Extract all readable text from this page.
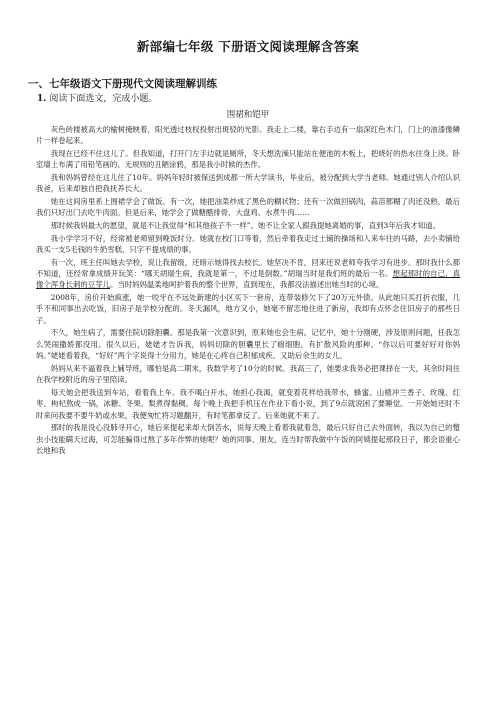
新部编七年级 下册语文阅读理解含答案
一、七年级语文下册现代文阅读理解训练
1. 阅读下面选文，完成小题。
围裙和铠甲

灰色砖楼被高大的榆树掩映着，阳光透过枝杈投射出斑驳的光影。我走上二楼，靠右手边有一扇深红色木门，门上的油漆像鳞片一样卷起来。

我现在已经不住这儿了。但我知道，打开门左手边就是厕所，冬天想洗澡只能站在便池的木板上，把烧好的热水往身上浇。卧室墙上布满了用铅笔画的、无规则的丑陋涂鸦，那是我小时候的杰作。

我和妈妈曾经在这儿住了10年。妈妈年轻时被保送到成都一所大学读书，毕业后，被分配到大学当老师。她通过别人介绍认识我爸，后来却独自把我抚养长大。

她在这间房里系上围裙学会了做饭。有一次，她把油菜炒成了黑色的糊状物；还有一次做回锅肉，蒜苗都糊了肉还没熟，最后我们只好出门去吃牛肉面。但是后来，她学会了做糖醋排骨、大盘鸡、水煮牛肉……

那时候我妈最大的愿望，就是不让我觉得“和其他孩子不一样”。她不让全家人跟我提她离婚的事，直到3年后我才知道。

我小学学习不好，经常被老师留到晚饭时分。她就在校门口等着，然后牵着我走过土铺的操场和人来车往的马路，去小卖铺给我买一支5毛钱的牛奶雪糕，只字不提成绩的事。

有一次，班主任叫她去学校，说让我留级，还暗示她得找去校长。她坚决不肯，回来还说老师夸我学习有进步。那时我什么都不知道，还经常拿成绩开玩笑：“哪天胡瑞生病，我就是第一，不过是倒数。”胡瑞当时是我们班的最后一名。想起那时的自己，真像个浑身长刺的豆芽儿。当时妈妈温柔地呵护着我的整个世界，直到现在，我都没法描述出她当时的心境。

2008年，房价开始疯涨，她一咬牙在不远处新建的小区买下一套房，连带装修欠下了20万元外债。从此她只买打折衣服，几乎不和同事出去吃饭，旧房子是学校分配的。冬天漏风，地方又小，她毫不留恋地住进了新房，我却有点怀念住旧房子的那些日子。

不久，她生病了，需要住院切除胆囊。那是我第一次意识到，原来她也会生病。记忆中，她十分刚硬，涉及原则问题，任我怎么哭闹撒娇都没用。很久以后，姥姥才告诉我，妈妈切除的胆囊里长了痼细胞，有扩散风险的那种。“你以后可要好好对你妈妈。”姥姥看着我，“好好”两个字说得十分用力，她是在心疼自己积郁成疾、又助后余生的女儿。

妈妈从来不逼着我上辅导班，哪怕是高二期末，我数学考了10分的时候。我高三了，她要求我务必把课择在一天，其余时间住在我学校附近的房子里陪读。

每天她会把我送到车站，看着我上车。我不喝白开水，她担心我渴，就变着花样给我带水，蜂蜜、山楂冲兰香子、玫瑰、红枣、枸杞熬成一锅，冰糖、冬果、梨煮得黏稠。每个晚上我把手机压在作业下看小说，到了9点就说困了要睡觉。一开始她还时不时来问我要不要牛奶或水果，我便匆忙将习题翻开，有时笔都拿反了。后来她就不来了。

那时的我是没心没肺寻开心，她后来提起来却大倒苦水，说每天晚上看着我就着急，最后只好自己去外面转，我以为自己的蹩虫小技能瞒天过海，可怎能骗得过熬了多年作弊的她呢？她的同事、朋友，连当时帮我做中午饭的阿姨提起那段日子，都会语重心长地和我
